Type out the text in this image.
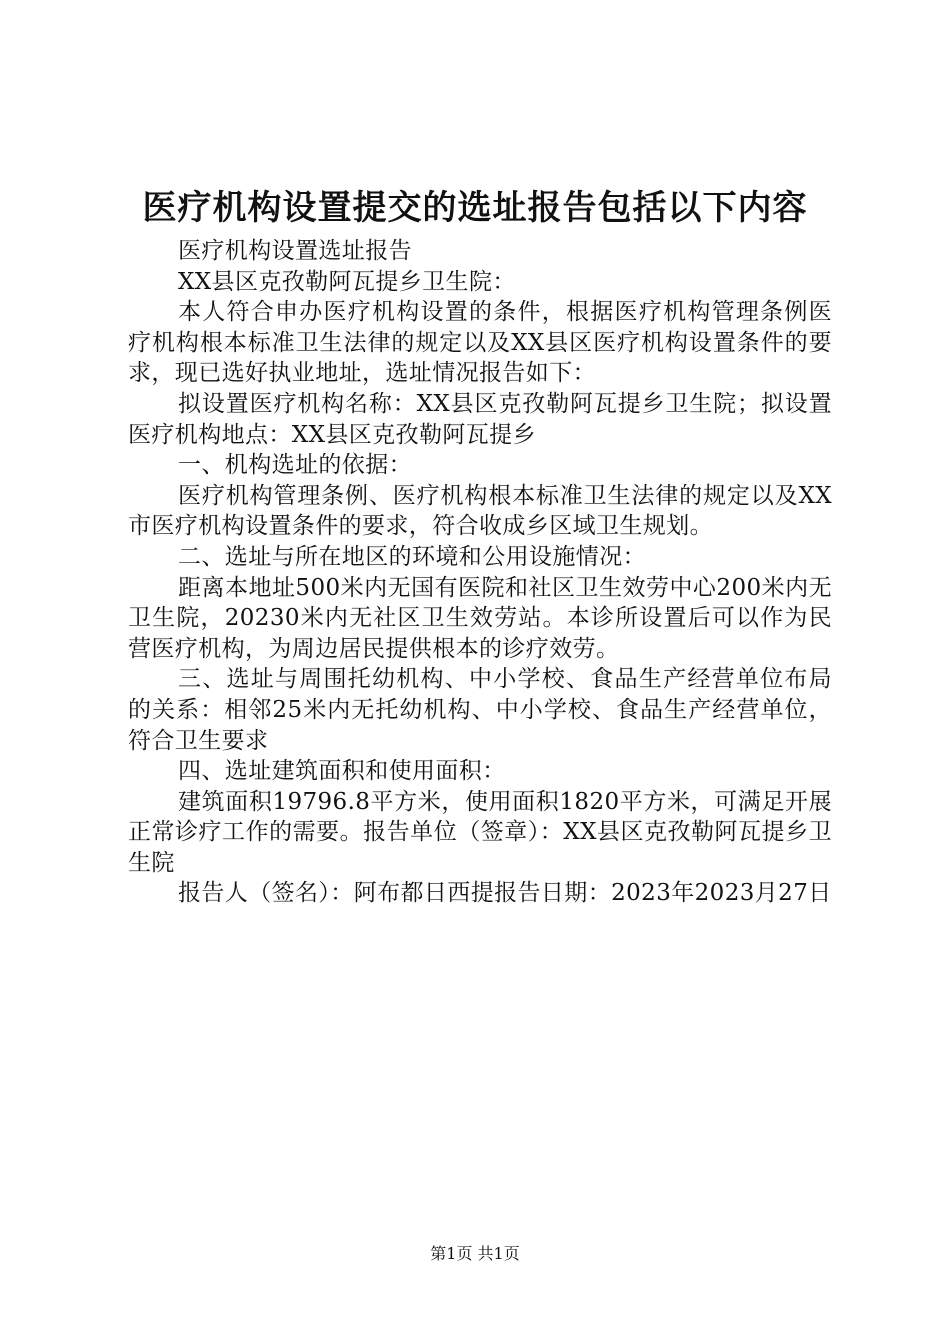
医疗机构设置提交的选址报告包括以下内容

医疗机构设置选址报告

XX县区克孜勒阿瓦提乡卫生院：

本人符合申办医疗机构设置的条件，根据医疗机构管理条例医疗机构根本标准卫生法律的规定以及XX县区医疗机构设置条件的要求，现已选好执业地址，选址情况报告如下：

拟设置医疗机构名称：XX县区克孜勒阿瓦提乡卫生院；拟设置医疗机构地点：XX县区克孜勒阿瓦提乡

一、机构选址的依据：

医疗机构管理条例、医疗机构根本标准卫生法律的规定以及XX市医疗机构设置条件的要求，符合收成乡区域卫生规划。

二、选址与所在地区的环境和公用设施情况：

距离本地址500米内无国有医院和社区卫生效劳中心200米内无卫生院，20230米内无社区卫生效劳站。本诊所设置后可以作为民营医疗机构，为周边居民提供根本的诊疗效劳。

三、选址与周围托幼机构、中小学校、食品生产经营单位布局的关系：相邻25米内无托幼机构、中小学校、食品生产经营单位，符合卫生要求

四、选址建筑面积和使用面积：

建筑面积19796.8平方米，使用面积1820平方米，可满足开展正常诊疗工作的需要。报告单位（签章）：XX县区克孜勒阿瓦提乡卫生院

报告人（签名）：阿布都日西提报告日期：2023年2023月27日

第1页 共1页
